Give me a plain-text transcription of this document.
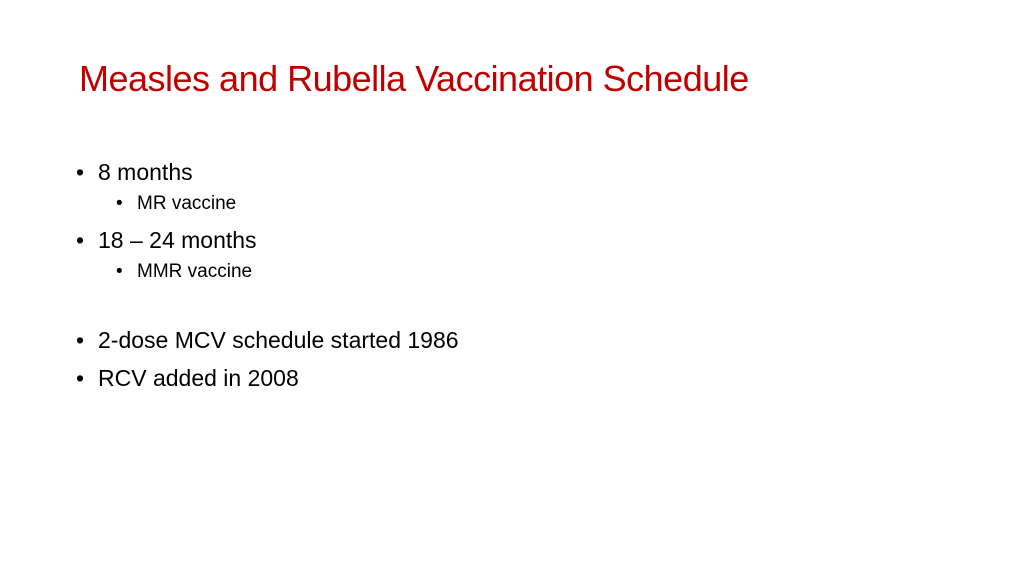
Measles and Rubella Vaccination Schedule
• 8 months
• MR vaccine
• 18 – 24 months
• MMR vaccine
• 2-dose MCV schedule started 1986
• RCV added in 2008
